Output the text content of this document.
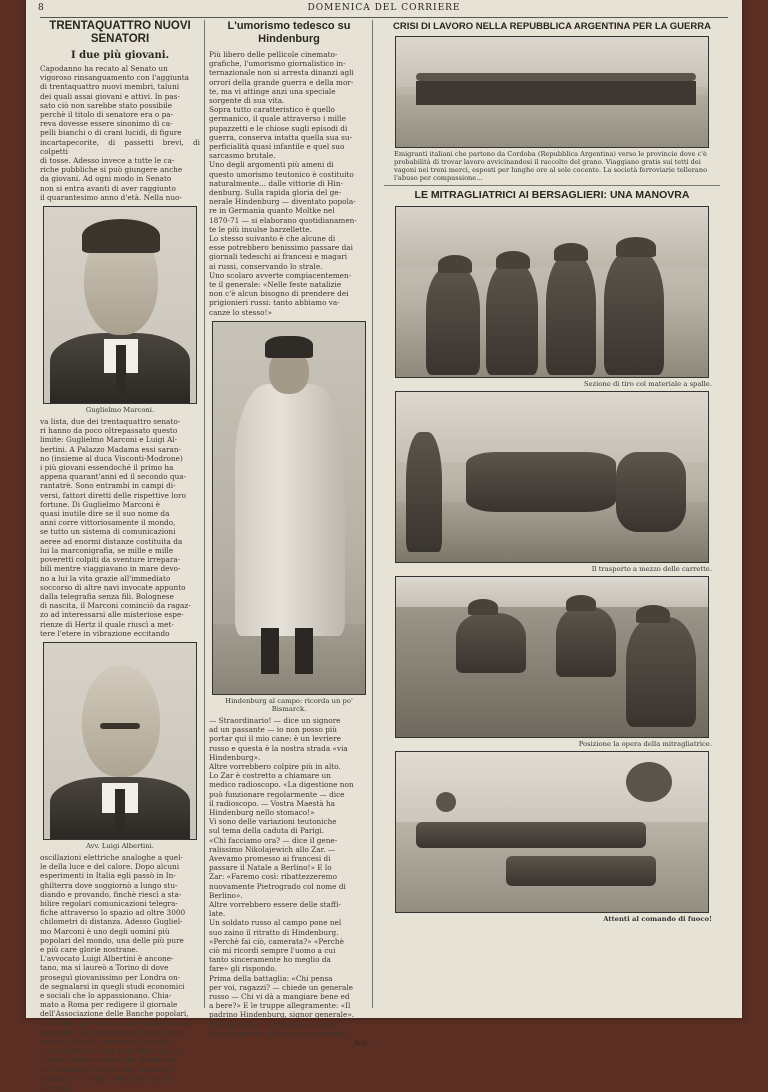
8	DOMENICA DEL CORRIERE
TRENTAQUATTRO NUOVI SENATORI
I due più giovani.

Capodanno ha recato al Senato un
vigoroso rinsanguamento con l'aggiunta
di trentaquattro nuovi membri, taluni
dei quali assai giovani e attivi. In pas-
sato ciò non sarebbe stato possibile
perchè il titolo di senatore era o pa-
reva dovesse essere sinonimo di ca-
pelli bianchi o di crani lucidi, di figure
incartapecorite, di passetti brevi, di colpetti
di tosse. Adesso invece a tutte le ca-
riche pubbliche si può giungere anche
da giovani. Ad ogni modo in Senato
non si entra avanti di aver raggiunto
il quarantesimo anno d'età. Nella nuo-

Guglielmo Marconi.

va lista, due dei trentaquattro senato-
ri hanno da poco oltrepassato questo
limite: Guglielmo Marconi e Luigi Al-
bertini. A Palazzo Madama essi saran-
no (insieme al duca Visconti-Modrone)
i più giovani essendoché il primo ha
appena quarant'anni ed il secondo qua-
rantatrè. Sono entrambi in campi di-
versi, fattori diretti delle rispettive loro
fortune. Di Guglielmo Marconi è
quasi inutile dire se il suo nome da
anni corre vittoriosamente il mondo,
se tutto un sistema di comunicazioni
aeree ad enormi distanze costituita da
lui la marconigrafia, se mille e mille
poveretti colpiti da sventure irrepara-
bili mentre viaggiavano in mare devo-
no a lui la vita grazie all'immediato
soccorso di altre navi invocate appunto
dalla telegrafia senza fili. Bolognese
di nascita, il Marconi cominciò da ragaz-
zo ad interessarsi alle misteriose espe-
rienze di Hertz il quale riuscì a met-
tere l'etere in vibrazione eccitando

Avv. Luigi Albertini.

oscillazioni elettriche analoghe a quel-
le della luce e del calore. Dopo alcuni
esperimenti in Italia egli passò in In-
ghilterra dove soggiornò a lungo stu-
diando e provando, finchè riescì a sta-
bilire regolari comunicazioni telegra-
fiche attraverso lo spazio ad oltre 3000
chilometri di distanza. Adesso Gugliel-
mo Marconi è uno degli uomini più
popolari del mondo, una delle più pure
e più care glorie nostrane.
L'avvocato Luigi Albertini è ancone-
tano, ma si laureò a Torino di dove
proseguì giovanissimo per Londra on-
de segnalarsi in quegli studi economici
e sociali che lo appassionano. Chia-
mato a Roma per redigere il giornale
dell'Associazione delle Banche popolari,
nel 1896 egli entrava come segretario di
redazione al Corriere della Sera. Quat-
tro anni dopo ne assunse la direzio-
ne e diventava capo della Società che
è anche proprietaria della Domenica
del Corriere. Essendo egli nato nell'
ottobre 1871 oggi conta poco più di
43 anni.

L'umorismo tedesco su Hindenburg

Più libero delle pellicole cinemato-
grafiche, l'umorismo giornalistico in-
ternazionale non si arresta dinanzi agli
orrori della grande guerra e della mor-
te, ma vi attinge anzi una speciale
sorgente di sua vita.
Sopra tutto caratteristico è quello
germanico, il quale attraverso i mille
pupazzetti e le chiose sugli episodi di
guerra, conserva intatta quella sua su-
perficialità quasi infantile e quel suo
sarcasmo brutale.
Uno degli argomenti più ameni di
questo umorismo teutonico è costituito
naturalmente... dalle vittorie di Hin-
denburg. Sulla rapida gloria del ge-
nerale Hindenburg — diventato popola-
re in Germania quanto Moltke nel
1870-71 — si elaborano quotidianamen-
te le più insulse barzellette.
Lo stesso suivanto è che alcune di
esse potrebbero benissimo passare dai
giornali tedeschi ai francesi e magari
ai russi, conservando lo strale.
Uno scolaro avverte compiacentemen-
te il generale: «Nelle feste natalizie
non c'è alcun bisogno di prendere dei
prigionieri russi: tanto abbiamo va-
canze lo stesso!»

Hindenburg al campo: ricorda un po' Bismarck.

— Straordinario! — dice un signore
ad un passante — io non posso più
portar qui il mio cane: è un levriere
russo e questa è la nostra strada «via
Hindenburg».
Altre vorrebbero colpire più in alto.
Lo Zar è costretto a chiamare un
medico radioscopo. «La digestione non
può funzionare regolarmente — dice
il radioscopo. — Vostra Maestà ha
Hindenburg nello stomaco!»
Vi sono delle variazioni teutoniche
sul tema della caduta di Parigi.
«Chi facciamo ora? — dice il gene-
ralissimo Nikolajewich allo Zar. —
Avevamo promesso ai francesi di
passare il Natale a Berlino!» E lo
Zar: «Faremo così: ribattezzeremo
nuovamente Pietrogrado col nome di
Berlino».
Altre vorrebbero essere delle staffi-
late.
Un soldato russo al campo pone nel
suo zaino il ritratto di Hindenburg.
«Perchè fai ciò, camerata?» «Perchè
ciò mi ricordi sempre l'uomo a cui
tanto sinceramente ho meglio da
fare» gli rispondo.
Prima della battaglia: «Chi pensa
per voi, ragazzi? — chiede un generale
russo — Chi vi dà a mangiare bene ed
a bere?» E le truppe allegramente: «Il
padrino Hindenburg, signor generale».
Hindenburg è così diventato il mo-
tivo dominante del sarcasmo tedesco.

Sop.
CRISI DI LAVORO NELLA REPUBBLICA ARGENTINA PER LA GUERRA
Emigranti italiani che partono da Cordoba (Repubblica Argentina) verso le provincie dove c'è probabilità di trovar lavoro avvicinandosi il raccolto del grano. Viaggiano gratis sui tetti dei vagoni nei treni merci, esposti per lunghe ore al sole cocente. La società ferroviarie tollerano l'abuso per compassione...
LE MITRAGLIATRICI AI BERSAGLIERI: UNA MANOVRA
Sezione di tiro col materiale a spalle.
Il trasporto a mezzo delle carrette.
Posizione la opera della mitragliatrice.
Attenti al comando di fuoco!
